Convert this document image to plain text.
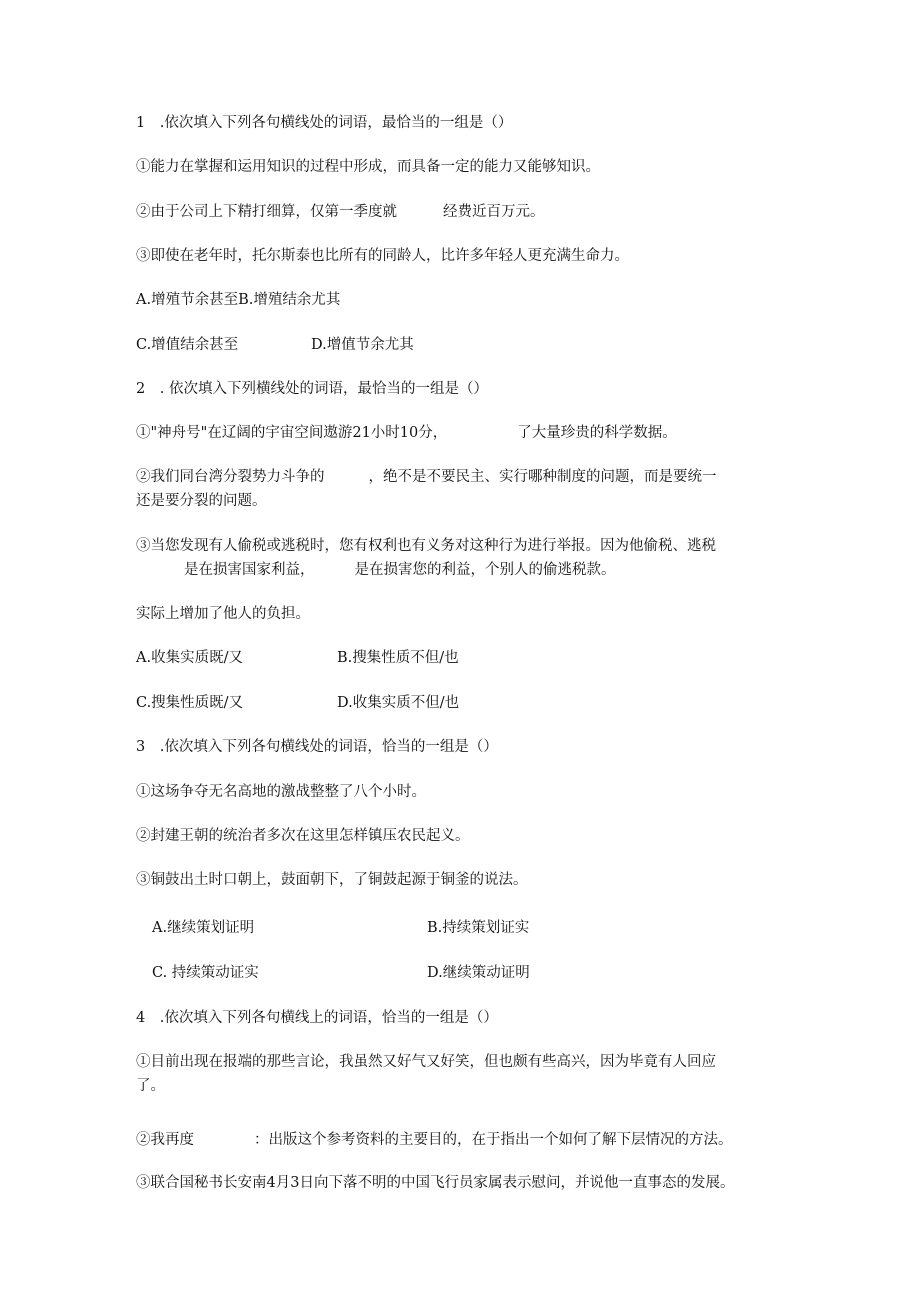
1　.依次填入下列各句横线处的词语，最恰当的一组是（）

①能力在掌握和运用知识的过程中形成，而具备一定的能力又能够知识。

②由于公司上下精打细算，仅第一季度就	经费近百万元。

③即使在老年时，托尔斯泰也比所有的同龄人，比许多年轻人更充满生命力。

A.增殖节余甚至B.增殖结余尤其

C.增值结余甚至	D.增值节余尤其

2　. 依次填入下列横线处的词语，最恰当的一组是（）

①"神舟号"在辽阔的宇宙空间遨游21小时10分，	了大量珍贵的科学数据。

②我们同台湾分裂势力斗争的	，绝不是不要民主、实行哪种制度的问题，而是要统一

还是要分裂的问题。

③当您发现有人偷税或逃税时，您有权利也有义务对这种行为进行举报。因为他偷税、逃税

是在损害国家利益，	是在损害您的利益，个别人的偷逃税款。

实际上增加了他人的负担。

A.收集实质既/又	B.搜集性质不但/也

C.搜集性质既/又	D.收集实质不但/也

3　.依次填入下列各句横线处的词语，恰当的一组是（）

①这场争夺无名高地的激战整整了八个小时。

②封建王朝的统治者多次在这里怎样镇压农民起义。

③铜鼓出土时口朝上，鼓面朝下，了铜鼓起源于铜釜的说法。

A.继续策划证明	B.持续策划证实

C. 持续策动证实	D.继续策动证明

4　.依次填入下列各句横线上的词语，恰当的一组是（）

①目前出现在报端的那些言论，我虽然又好气又好笑，但也颇有些高兴，因为毕竟有人回应

了。

②我再度	：出版这个参考资料的主要目的，在于指出一个如何了解下层情况的方法。

③联合国秘书长安南4月3日向下落不明的中国飞行员家属表示慰问，并说他一直事态的发展。
